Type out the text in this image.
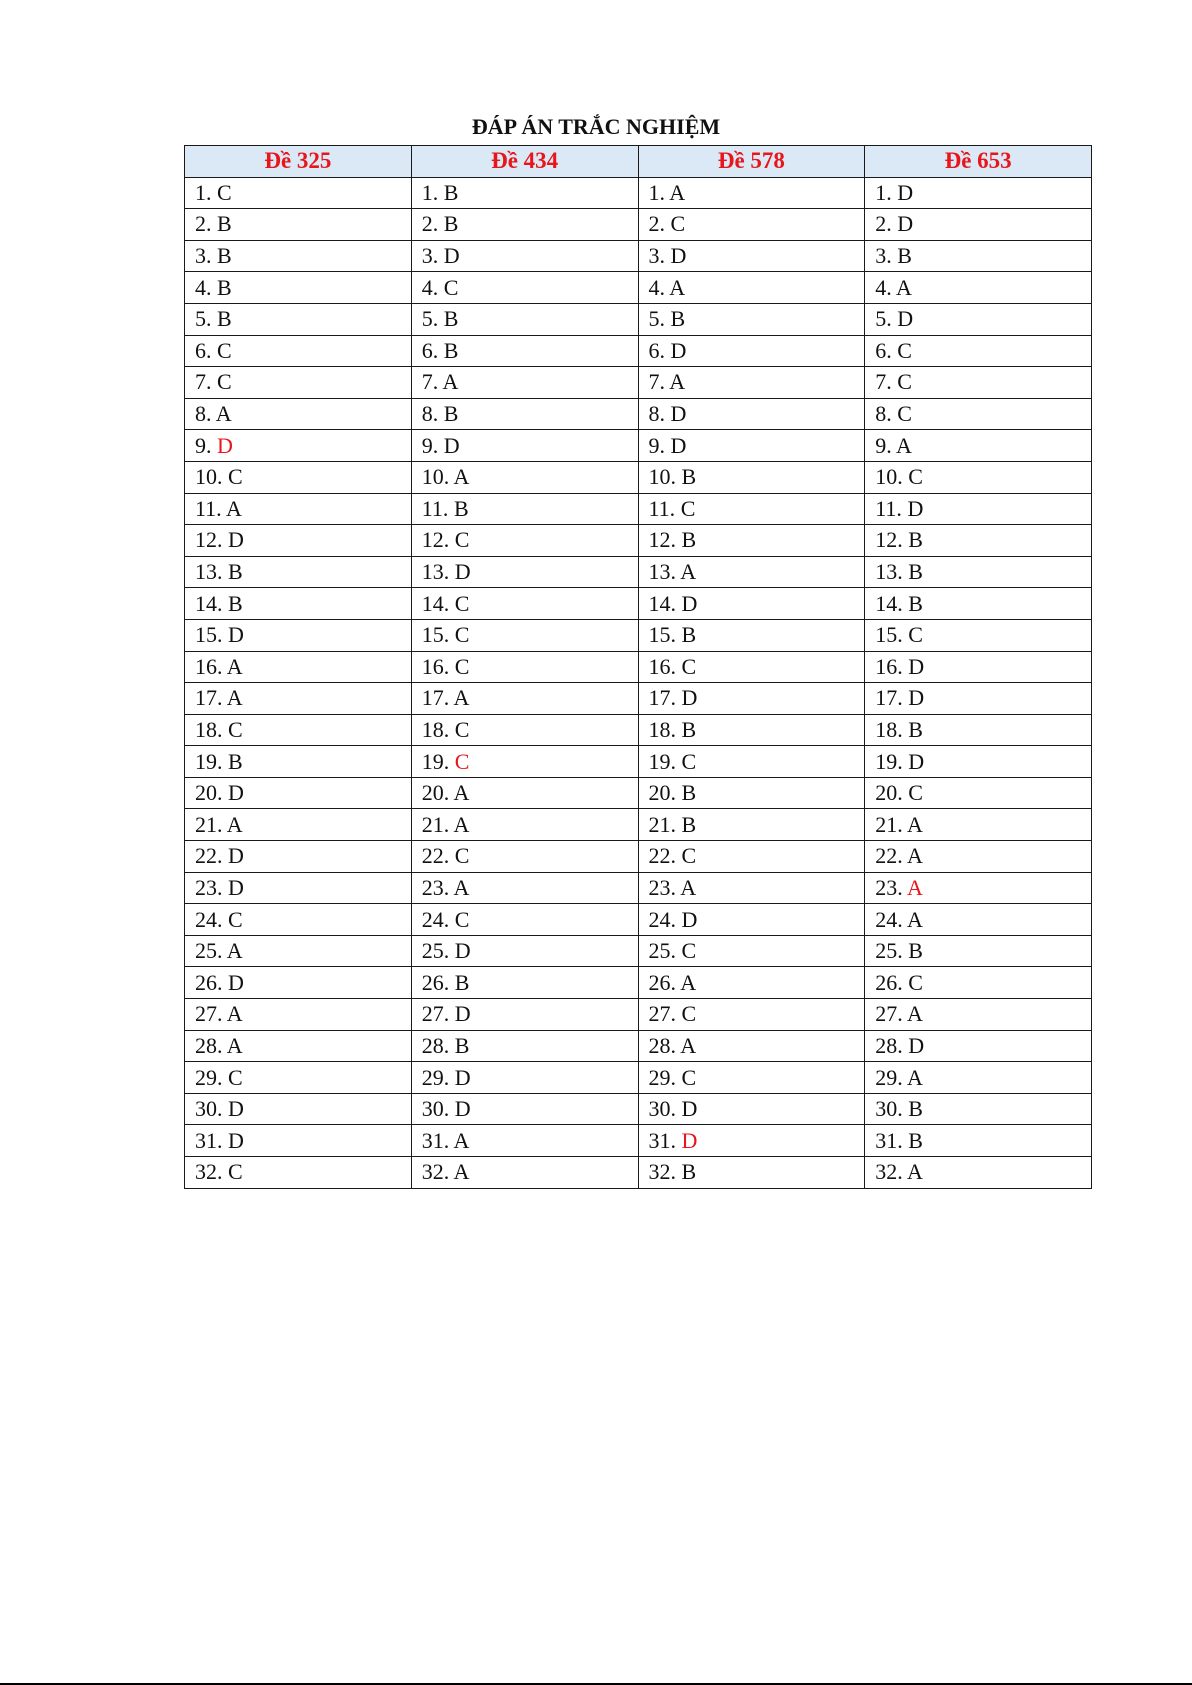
ĐÁP ÁN TRẮC NGHIỆM
Đề 325	Đề 434	Đề 578	Đề 653
1. C	1. B	1. A	1. D
2. B	2. B	2. C	2. D
3. B	3. D	3. D	3. B
4. B	4. C	4. A	4. A
5. B	5. B	5. B	5. D
6. C	6. B	6. D	6. C
7. C	7. A	7. A	7. C
8. A	8. B	8. D	8. C
9. D	9. D	9. D	9. A
10. C	10. A	10. B	10. C
11. A	11. B	11. C	11. D
12. D	12. C	12. B	12. B
13. B	13. D	13. A	13. B
14. B	14. C	14. D	14. B
15. D	15. C	15. B	15. C
16. A	16. C	16. C	16. D
17. A	17. A	17. D	17. D
18. C	18. C	18. B	18. B
19. B	19. C	19. C	19. D
20. D	20. A	20. B	20. C
21. A	21. A	21. B	21. A
22. D	22. C	22. C	22. A
23. D	23. A	23. A	23. A
24. C	24. C	24. D	24. A
25. A	25. D	25. C	25. B
26. D	26. B	26. A	26. C
27. A	27. D	27. C	27. A
28. A	28. B	28. A	28. D
29. C	29. D	29. C	29. A
30. D	30. D	30. D	30. B
31. D	31. A	31. D	31. B
32. C	32. A	32. B	32. A
